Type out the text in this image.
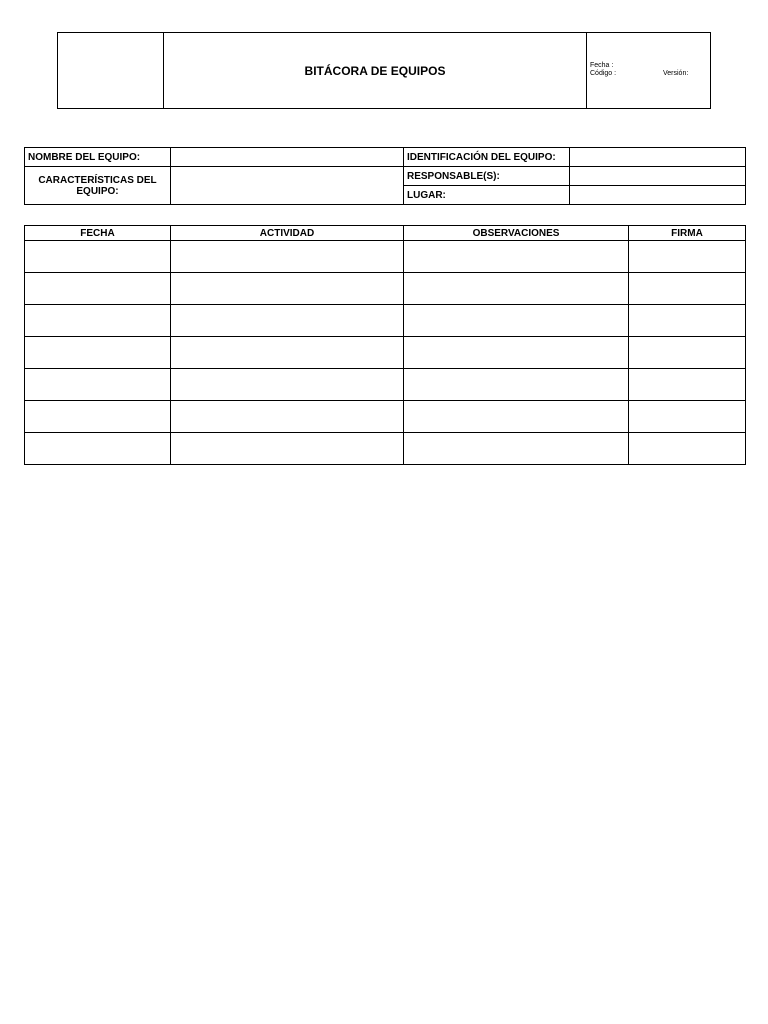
BITÁCORA DE EQUIPOS	Fecha :
Código :	Versión:
NOMBRE DEL EQUIPO:		IDENTIFICACIÓN DEL EQUIPO:	
CARACTERÍSTICAS DEL EQUIPO:		RESPONSABLE(S):	
		LUGAR:	
FECHA	ACTIVIDAD	OBSERVACIONES	FIRMA
